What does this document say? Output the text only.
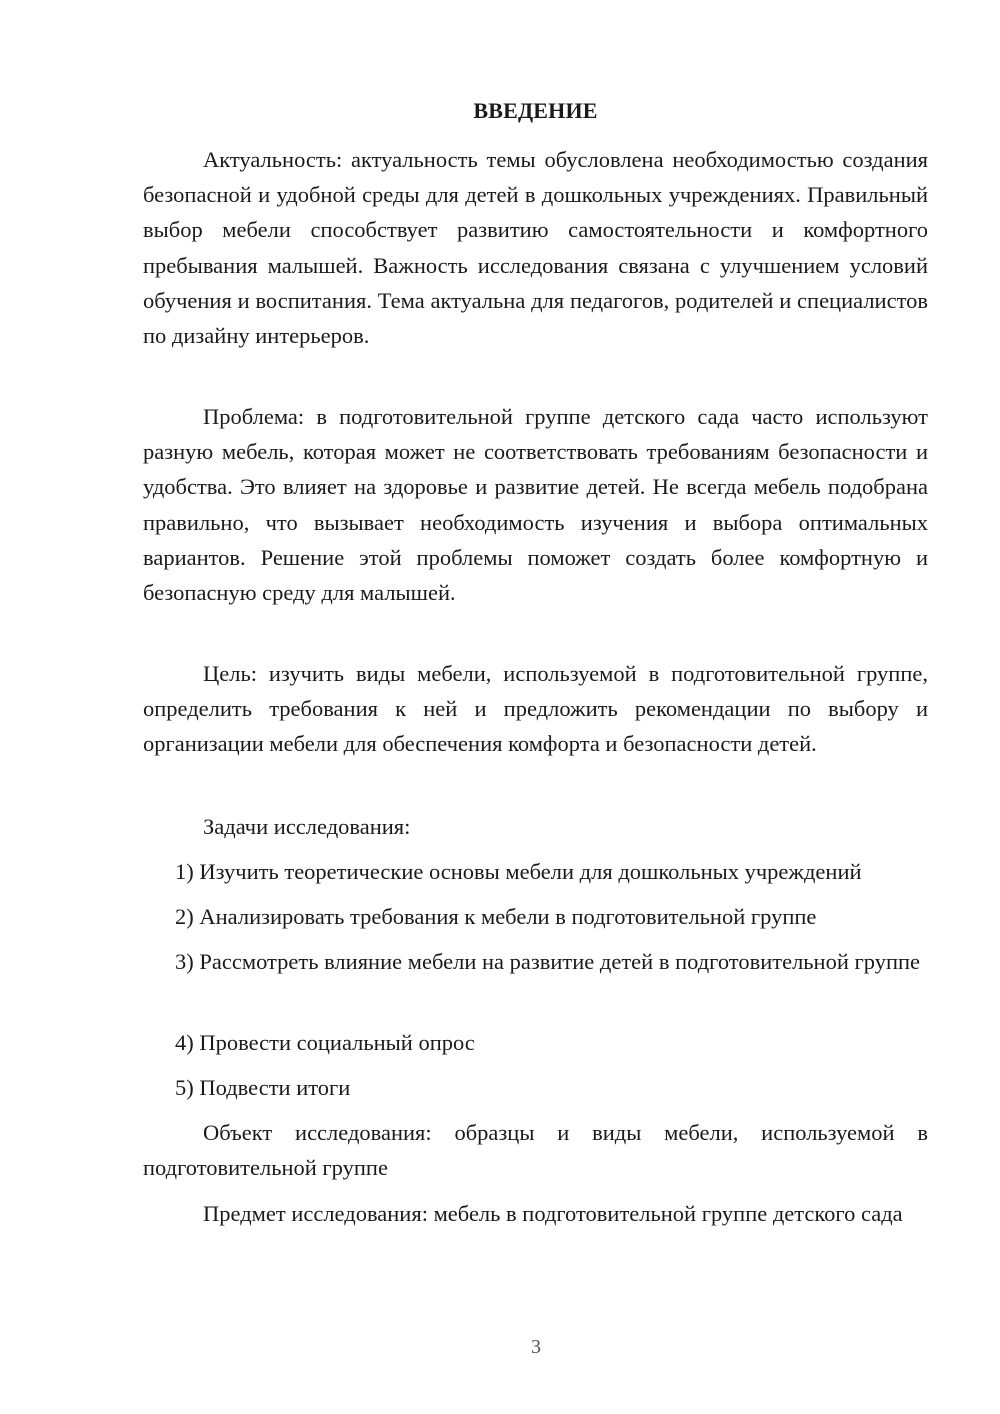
ВВЕДЕНИЕ

Актуальность: актуальность темы обусловлена необходимостью создания безопасной и удобной среды для детей в дошкольных учреждениях. Правильный выбор мебели способствует развитию самостоятельности и комфортного пребывания малышей. Важность исследования связана с улучшением условий обучения и воспитания. Тема актуальна для педагогов, родителей и специалистов по дизайну интерьеров.

Проблема: в подготовительной группе детского сада часто используют разную мебель, которая может не соответствовать требованиям безопасности и удобства. Это влияет на здоровье и развитие детей. Не всегда мебель подобрана правильно, что вызывает необходимость изучения и выбора оптимальных вариантов. Решение этой проблемы поможет создать более комфортную и безопасную среду для малышей.

Цель: изучить виды мебели, используемой в подготовительной группе, определить требования к ней и предложить рекомендации по выбору и организации мебели для обеспечения комфорта и безопасности детей.

Задачи исследования:

1) Изучить теоретические основы мебели для дошкольных учреждений

2) Анализировать требования к мебели в подготовительной группе

3) Рассмотреть влияние мебели на развитие детей в подготовительной группе

4) Провести социальный опрос

5) Подвести итоги

Объект исследования: образцы и виды мебели, используемой в подготовительной группе

Предмет исследования: мебель в подготовительной группе детского сада

3
